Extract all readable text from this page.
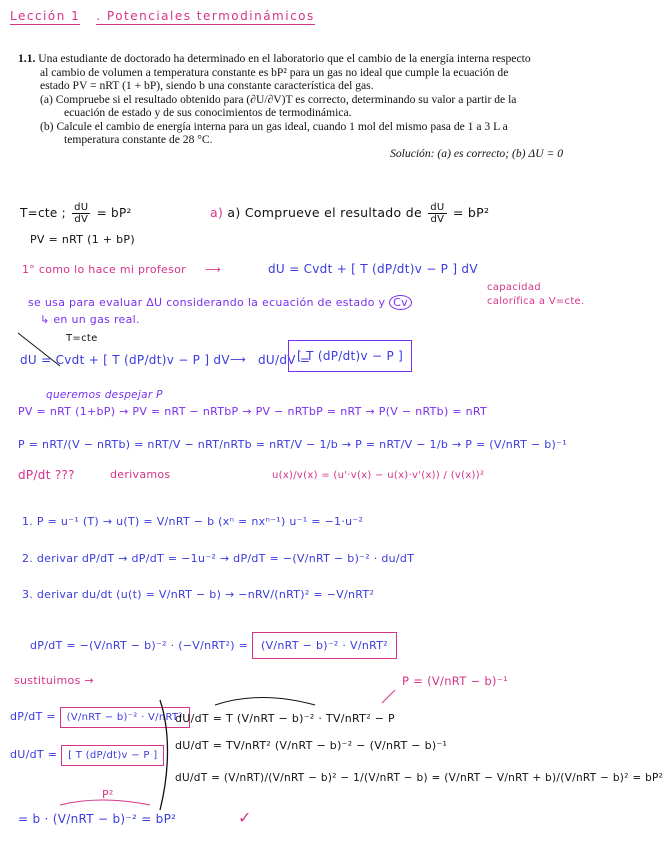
Lección 1 . Potenciales termodinámicos
1.1. Una estudiante de doctorado ha determinado en el laboratorio que el cambio de la energía interna respecto
al cambio de volumen a temperatura constante es bP² para un gas no ideal que cumple la ecuación de
estado PV = nRT (1 + bP), siendo b una constante característica del gas.
(a) Compruebe si el resultado obtenido para (∂U/∂V)T es correcto, determinando su valor a partir de la
ecuación de estado y de sus conocimientos de termodinámica.
(b) Calcule el cambio de energía interna para un gas ideal, cuando 1 mol del mismo pasa de 1 a 3 L a
temperatura constante de 28 °C.
Solución: (a) es correcto; (b) ΔU = 0
T=cte ; $\frac{dU}{dV} = bP^2$	a) a) Comprueve el resultado de $\frac{dU}{dV} = bP^2$
PV = nRT (1 + bP)
1° como lo hace mi profesor ⟶	dU = Cvdt + [ T (dP/dt)v − P ] dV
capacidad
calorífica a V=cte.
se usa para evaluar ΔU considerando la ecuación de estado y Cv
↳ en un gas real.
T=cte
dU = Cvdt + [ T (dP/dt)v − P ] dV ⟶ dU/dV =
[ T (dP/dt)v − P ]
queremos despejar P
PV = nRT (1+bP) → PV = nRT − nRTbP → PV − nRTbP = nRT → P(V − nRTb) = nRT
P = nRT/(V − nRTb) = nRT/V − nRT/nRTb = nRT/V − 1/b → P = nRT/V − 1/b → P = (V/nRT − b)⁻¹
dP/dt ???	derivamos	u(x)/v(x) = (u'·v(x) − u(x)·v'(x)) / (v(x))²
1. P = u⁻¹ (T) → u(T) = V/nRT − b (xⁿ = nxⁿ⁻¹) u⁻¹ = −1·u⁻²
2. derivar dP/dT → dP/dT = −1u⁻² → dP/dT = −(V/nRT − b)⁻² · du/dT
3. derivar du/dt (u(t) = V/nRT − b) → −nRV/(nRT)² = −V/nRT²
dP/dT = −(V/nRT − b)⁻² · (−V/nRT²) = (V/nRT − b)⁻² · V/nRT²
sustituimos →	P = (V/nRT − b)⁻¹
dP/dT = (V/nRT − b)⁻² · V/nRT²
dU/dT = [ T (dP/dt)v − P ]
dU/dT = T (V/nRT − b)⁻² · TV/nRT² − P
dU/dT = TV/nRT² (V/nRT − b)⁻² − (V/nRT − b)⁻¹
dU/dT = (V/nRT)/(V/nRT − b)² − 1/(V/nRT − b) = (V/nRT − V/nRT + b)/(V/nRT − b)² = bP²
P²
= b · (V/nRT − b)⁻² = bP²	✓
